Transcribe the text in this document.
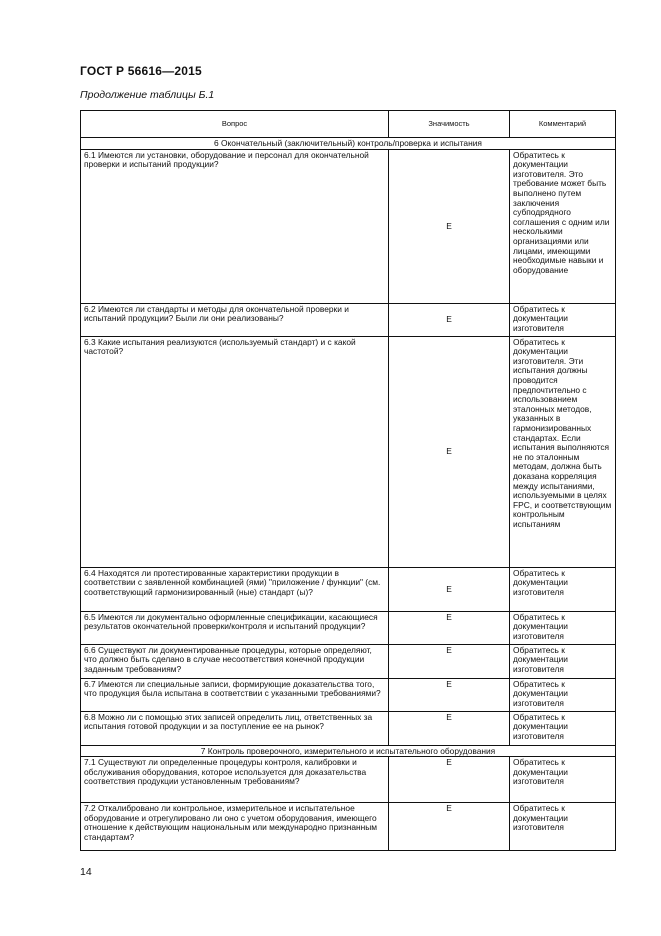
ГОСТ Р 56616—2015
Продолжение таблицы Б.1
Вопрос	Значимость	Комментарий
6 Окончательный (заключительный) контроль/проверка и испытания		
6.1 Имеются ли установки, оборудование и персонал для окончательной проверки и испытаний продукции?	E	Обратитесь к документации изготовителя. Это требование может быть выполнено путем заключения субподрядного соглашения с одним или несколькими организациями или лицами, имеющими необходимые навыки и оборудование
6.2 Имеются ли стандарты и методы для окончательной проверки и испытаний продукции? Были ли они реализованы?	E	Обратитесь к документации изготовителя
6.3 Какие испытания реализуются (используемый стандарт) и с какой частотой?	E	Обратитесь к документации изготовителя. Эти испытания должны проводится предпочтительно с использованием эталонных методов, указанных в гармонизированных стандартах. Если испытания выполняются не по эталонным методам, должна быть доказана корреляция между испытаниями, используемыми в целях FPC, и соответствующим контрольным испытаниям
6.4 Находятся ли протестированные характеристики продукции в соответствии с заявленной комбинацией (ями) "приложение / функции" (см. соответствующий гармонизированный (ные) стандарт (ы)?	E	Обратитесь к документации изготовителя
6.5 Имеются ли документально оформленные спецификации, касающиеся результатов окончательной проверки/контроля и испытаний продукции?	E	Обратитесь к документации изготовителя
6.6 Существуют ли документированные процедуры, которые определяют, что должно быть сделано в случае несоответствия конечной продукции заданным требованиям?	E	Обратитесь к документации изготовителя
6.7 Имеются ли специальные записи, формирующие доказательства того, что продукция была испытана в соответствии с указанными требованиями?	E	Обратитесь к документации изготовителя
6.8 Можно ли с помощью этих записей определить лиц, ответственных за испытания готовой продукции и за поступление ее на рынок?	E	Обратитесь к документации изготовителя
7 Контроль проверочного, измерительного и испытательного оборудования		
7.1 Существуют ли определенные процедуры контроля, калибровки и обслуживания оборудования, которое используется для доказательства соответствия продукции установленным требованиям?	E	Обратитесь к документации изготовителя
7.2 Откалибровано ли контрольное, измерительное и испытательное оборудование и отрегулировано ли оно с учетом оборудования, имеющего отношение к действующим национальным или международно признанным стандартам?	E	Обратитесь к документации изготовителя
14
